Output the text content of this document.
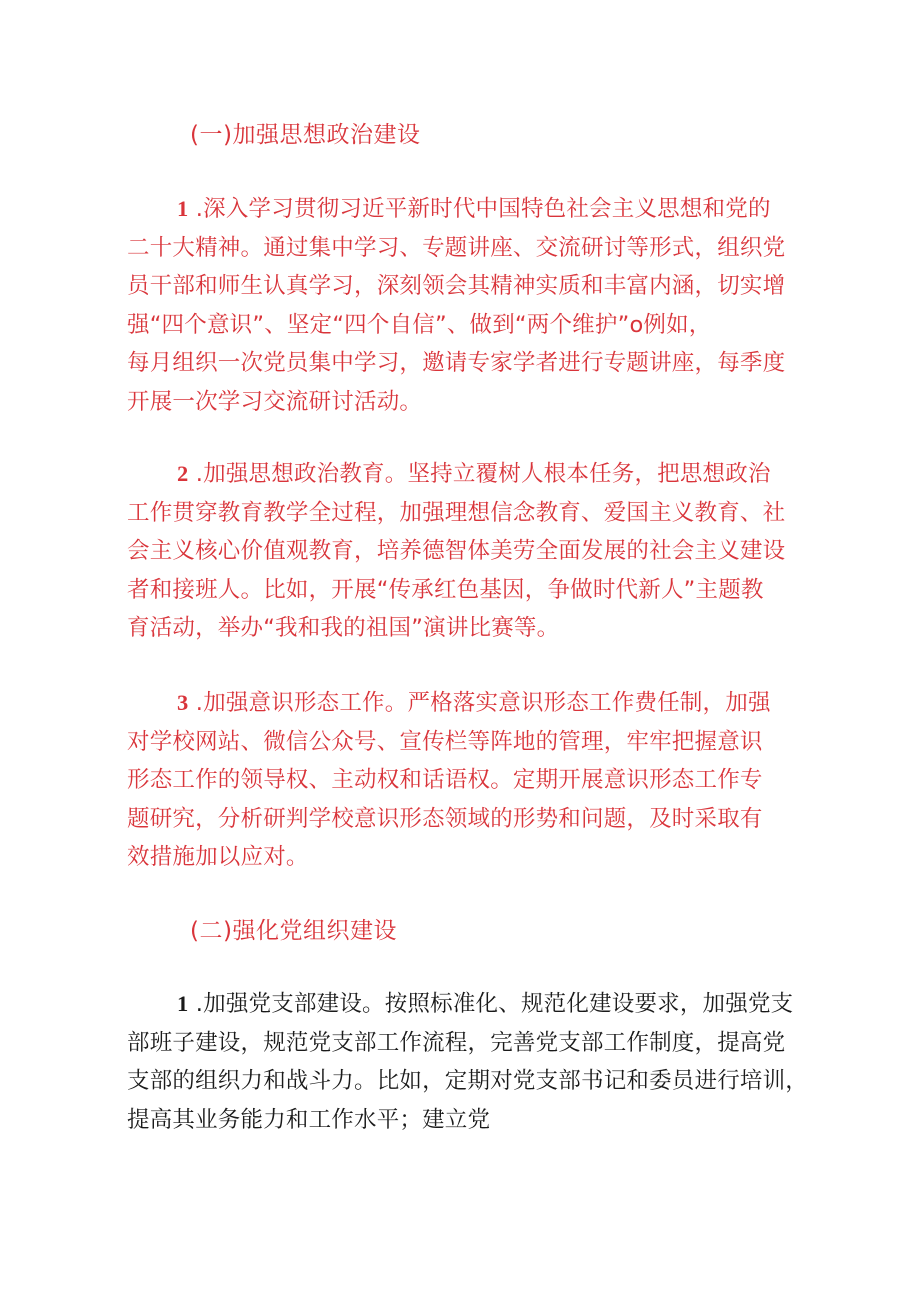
(一)加强思想政治建设
1 .深入学习贯彻习近平新时代中国特色社会主义思想和党的
二十大精神。通过集中学习、专题讲座、交流研讨等形式，组织党
员干部和师生认真学习，深刻领会其精神实质和丰富内涵，切实增
强“四个意识”、坚定“四个自信”、做到“两个维护”o例如，
每月组织一次党员集中学习，邀请专家学者进行专题讲座，每季度
开展一次学习交流研讨活动。
2 .加强思想政治教育。坚持立覆树人根本任务，把思想政治
工作贯穿教育教学全过程，加强理想信念教育、爱国主义教育、社
会主义核心价值观教育，培养德智体美劳全面发展的社会主义建设
者和接班人。比如，开展“传承红色基因，争做时代新人”主题教
育活动，举办“我和我的祖国”演讲比赛等。
3 .加强意识形态工作。严格落实意识形态工作费任制，加强
对学校网站、微信公众号、宣传栏等阵地的管理，牢牢把握意识
形态工作的领导权、主动权和话语权。定期开展意识形态工作专
题研究，分析研判学校意识形态领域的形势和问题，及时采取有
效措施加以应对。
(二)强化党组织建设
1 .加强党支部建设。按照标准化、规范化建设要求，加强党支
部班子建设，规范党支部工作流程，完善党支部工作制度，提高党
支部的组织力和战斗力。比如，定期对党支部书记和委员进行培训，
提高其业务能力和工作水平；建立党
